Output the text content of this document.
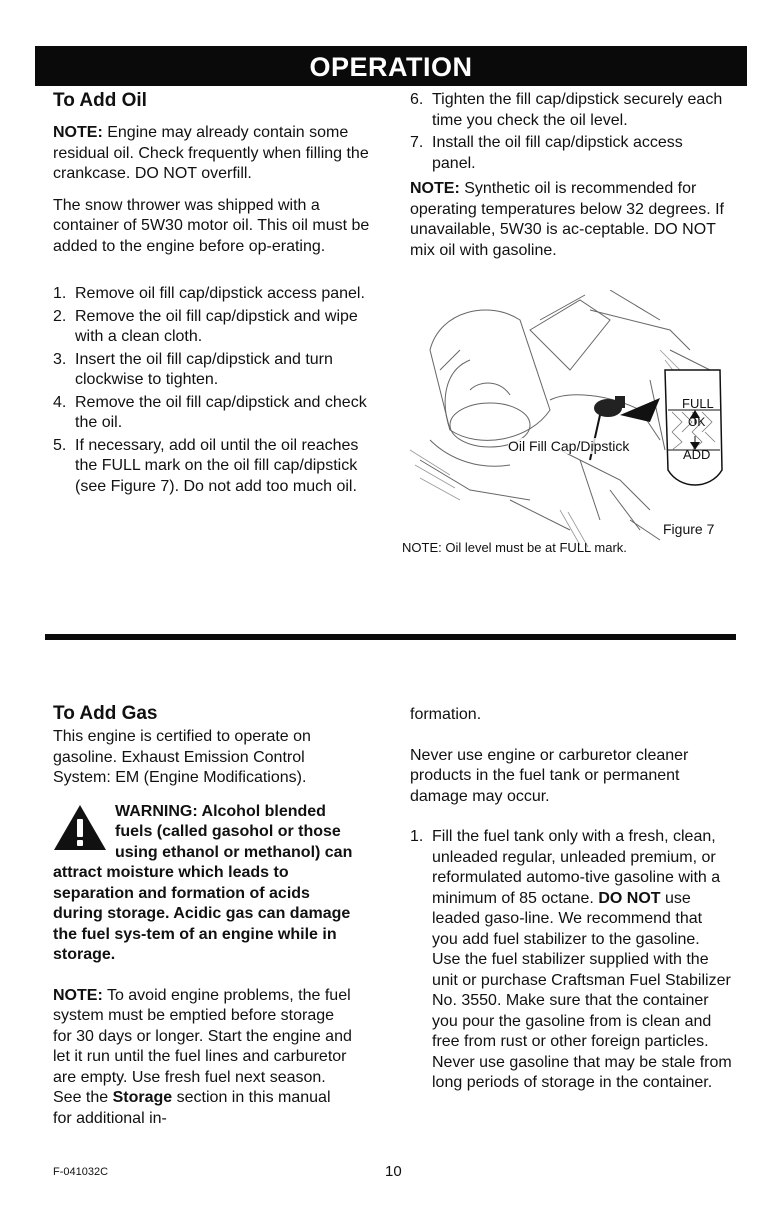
OPERATION
To Add Oil

NOTE: Engine may already contain some residual oil. Check frequently when filling the crankcase. DO NOT overfill.

The snow thrower was shipped with a container of 5W30 motor oil. This oil must be added to the engine before op-erating.

1. Remove oil fill cap/dipstick access panel.
2. Remove the oil fill cap/dipstick and wipe with a clean cloth.
3. Insert the oil fill cap/dipstick and turn clockwise to tighten.
4. Remove the oil fill cap/dipstick and check the oil.
5. If necessary, add oil until the oil reaches the FULL mark on the oil fill cap/dipstick (see Figure 7). Do not add too much oil.
6. Tighten the fill cap/dipstick securely each time you check the oil level.
7. Install the oil fill cap/dipstick access panel.

NOTE: Synthetic oil is recommended for operating temperatures below 32 degrees. If unavailable, 5W30 is ac-ceptable. DO NOT mix oil with gasoline.

Oil Fill Cap/Dipstick
FULL
OK
ADD
Figure 7
NOTE: Oil level must be at FULL mark.
To Add Gas

This engine is certified to operate on gasoline. Exhaust Emission Control System: EM (Engine Modifications).

WARNING: Alcohol blended fuels (called gasohol or those using ethanol or methanol) can attract moisture which leads to separation and formation of acids during storage. Acidic gas can damage the fuel sys-tem of an engine while in storage.

NOTE: To avoid engine problems, the fuel system must be emptied before storage for 30 days or longer. Start the engine and let it run until the fuel lines and carburetor are empty. Use fresh fuel next season. See the Storage section in this manual for additional in-

formation.

Never use engine or carburetor cleaner products in the fuel tank or permanent damage may occur.

1. Fill the fuel tank only with a fresh, clean, unleaded regular, unleaded premium, or reformulated automo-tive gasoline with a minimum of 85 octane. DO NOT use leaded gaso-line. We recommend that you add fuel stabilizer to the gasoline. Use the fuel stabilizer supplied with the unit or purchase Craftsman Fuel Stabilizer No. 3550. Make sure that the container you pour the gasoline from is clean and free from rust or other foreign particles. Never use gasoline that may be stale from long periods of storage in the container.
F-041032C	10
